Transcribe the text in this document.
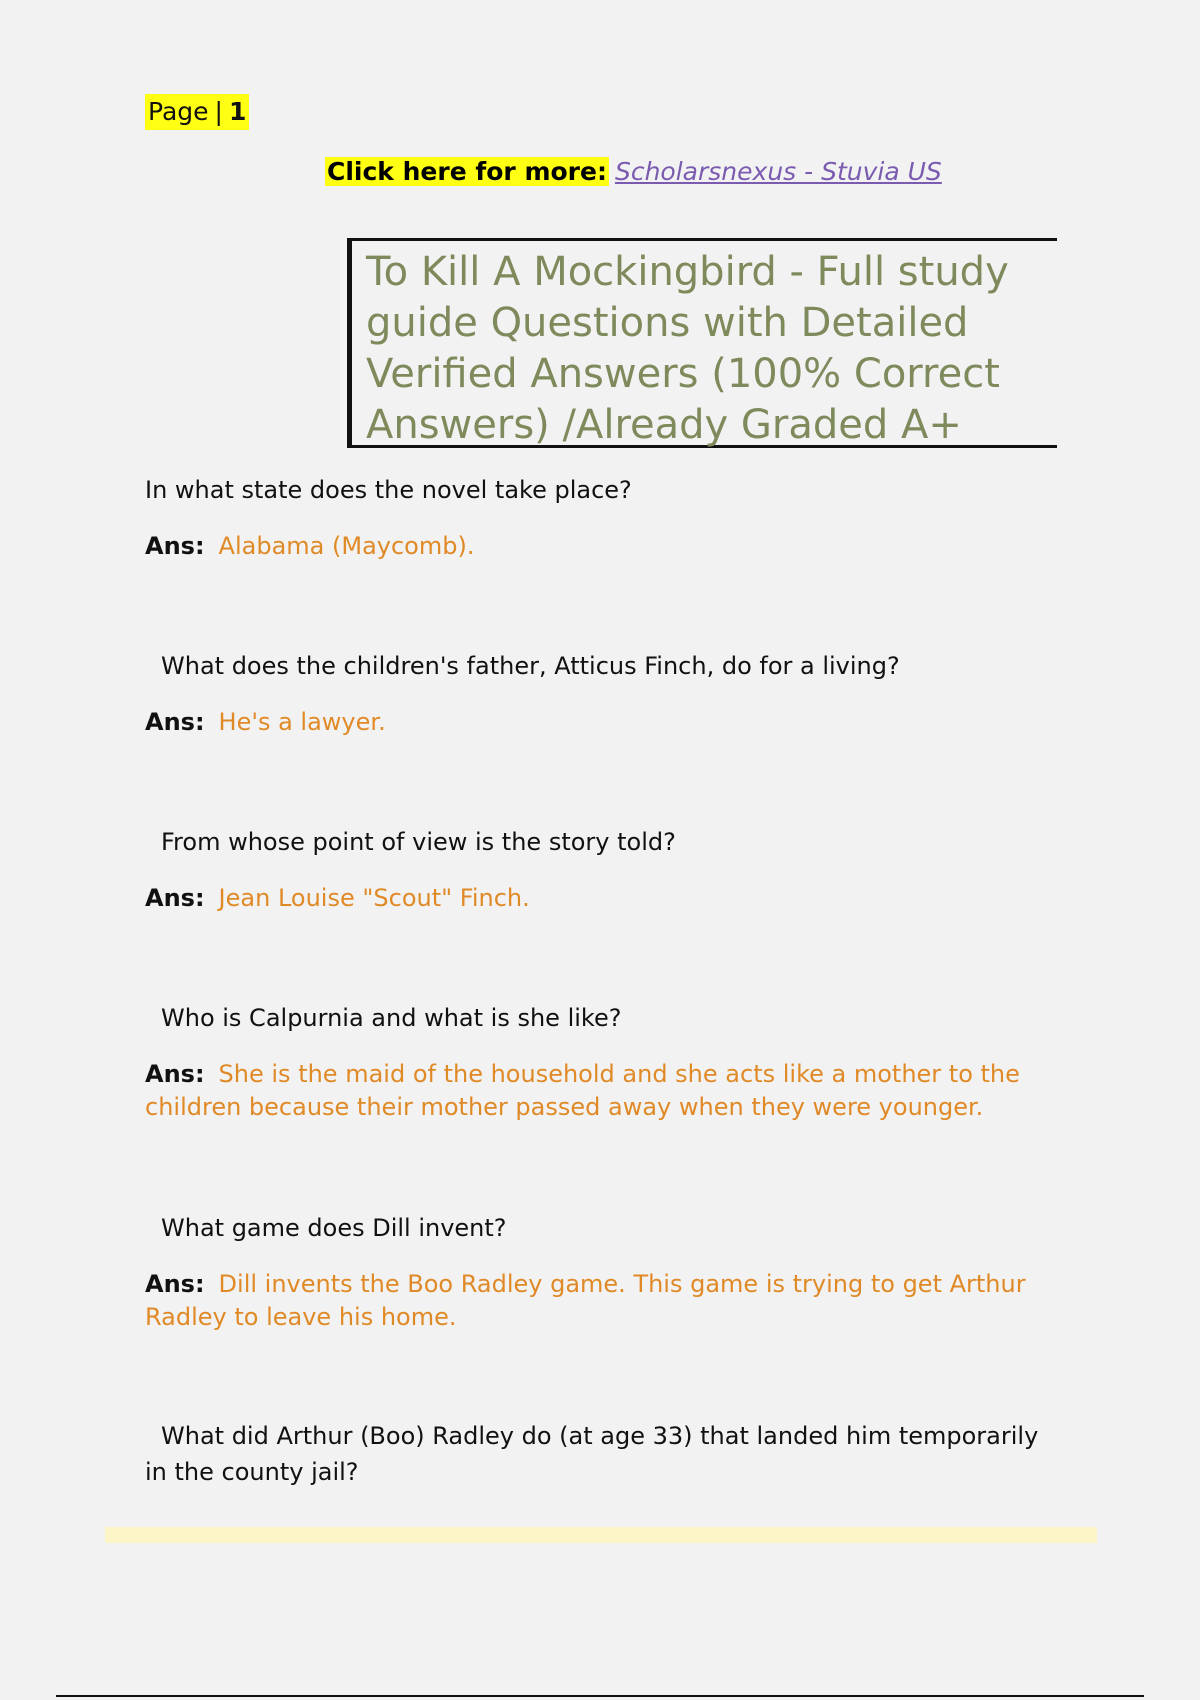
Page | 1
Click here for more: Scholarsnexus - Stuvia US
To Kill A Mockingbird - Full study guide Questions with Detailed Verified Answers (100% Correct Answers) /Already Graded A+

In what state does the novel take place?

Ans: Alabama (Maycomb).

What does the children's father, Atticus Finch, do for a living?

Ans: He's a lawyer.

From whose point of view is the story told?

Ans: Jean Louise "Scout" Finch.

Who is Calpurnia and what is she like?

Ans: She is the maid of the household and she acts like a mother to the children because their mother passed away when they were younger.

What game does Dill invent?

Ans: Dill invents the Boo Radley game. This game is trying to get Arthur Radley to leave his home.

What did Arthur (Boo) Radley do (at age 33) that landed him temporarily in the county jail?
